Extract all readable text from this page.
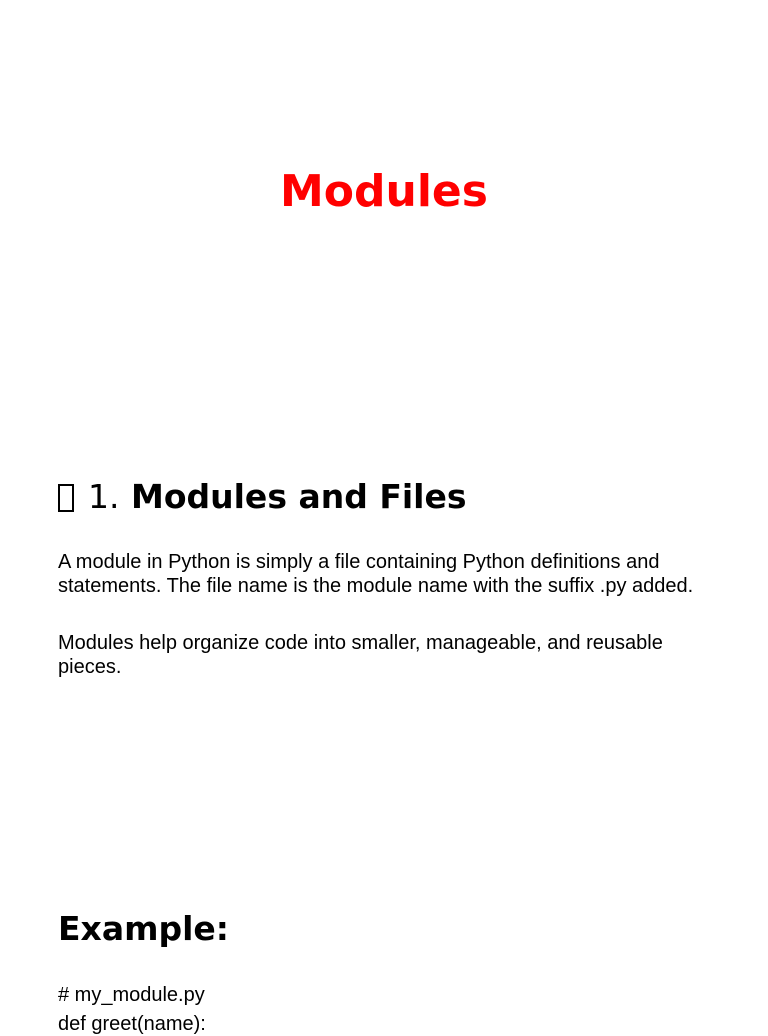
Modules
1. Modules and Files

A module in Python is simply a file containing Python definitions and statements. The file name is the module name with the suffix .py added.

Modules help organize code into smaller, manageable, and reusable pieces.

Example:

# my_module.py

def greet(name):
